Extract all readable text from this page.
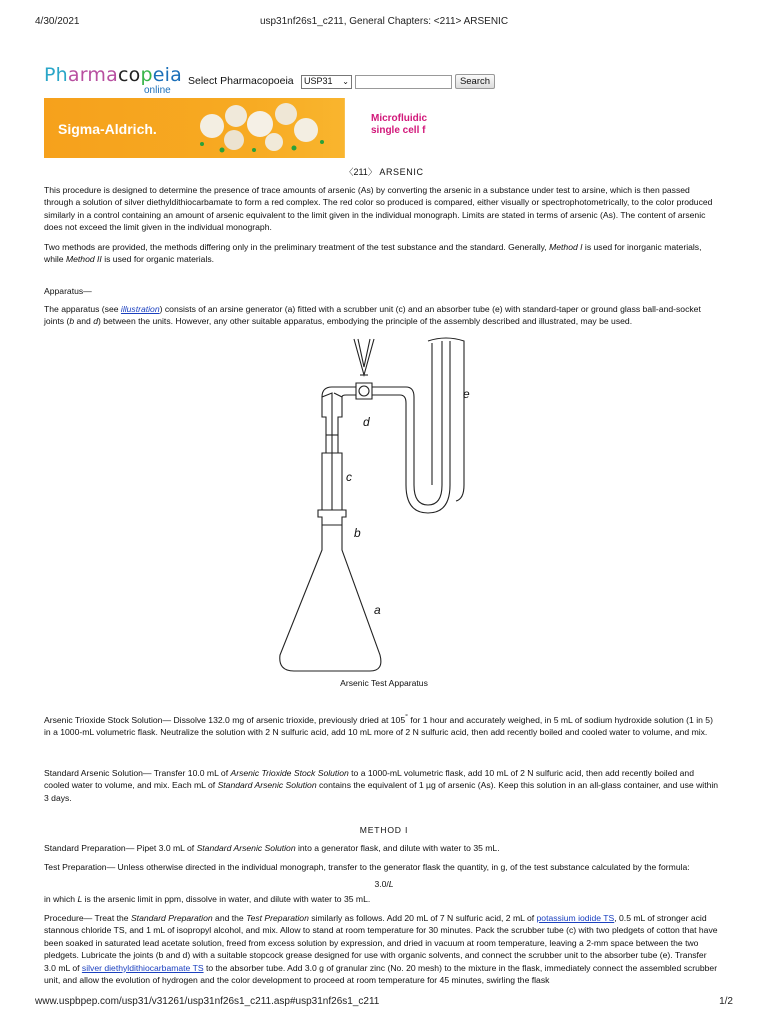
4/30/2021	usp31nf26s1_c211, General Chapters: <211> ARSENIC
Pharmacopeia
online
Select Pharmacopoeia USP31 ⌄	Search
Sigma-Aldrich.
Microfluidic
single cell f
〈211〉 ARSENIC

This procedure is designed to determine the presence of trace amounts of arsenic (As) by converting the arsenic in a substance under test to arsine, which is then passed through a solution of silver diethyldithiocarbamate to form a red complex. The red color so produced is compared, either visually or spectrophotometrically, to the color produced similarly in a control containing an amount of arsenic equivalent to the limit given in the individual monograph. Limits are stated in terms of arsenic (As). The content of arsenic does not exceed the limit given in the individual monograph.

Two methods are provided, the methods differing only in the preliminary treatment of the test substance and the standard. Generally, Method I is used for inorganic materials, while Method II is used for organic materials.

Apparatus—

The apparatus (see illustration) consists of an arsine generator (a) fitted with a scrubber unit (c) and an absorber tube (e) with standard-taper or ground glass ball-and-socket joints (b and d) between the units. However, any other suitable apparatus, embodying the principle of the assembly described and illustrated, may be used.

e
d
c
b
a
Arsenic Test Apparatus

Arsenic Trioxide Stock Solution— Dissolve 132.0 mg of arsenic trioxide, previously dried at 105° for 1 hour and accurately weighed, in 5 mL of sodium hydroxide solution (1 in 5) in a 1000-mL volumetric flask. Neutralize the solution with 2 N sulfuric acid, add 10 mL more of 2 N sulfuric acid, then add recently boiled and cooled water to volume, and mix.

Standard Arsenic Solution— Transfer 10.0 mL of Arsenic Trioxide Stock Solution to a 1000-mL volumetric flask, add 10 mL of 2 N sulfuric acid, then add recently boiled and cooled water to volume, and mix. Each mL of Standard Arsenic Solution contains the equivalent of 1 µg of arsenic (As). Keep this solution in an all-glass container, and use within 3 days.

METHOD I

Standard Preparation— Pipet 3.0 mL of Standard Arsenic Solution into a generator flask, and dilute with water to 35 mL.

Test Preparation— Unless otherwise directed in the individual monograph, transfer to the generator flask the quantity, in g, of the test substance calculated by the formula:

3.0/L

in which L is the arsenic limit in ppm, dissolve in water, and dilute with water to 35 mL.

Procedure— Treat the Standard Preparation and the Test Preparation similarly as follows. Add 20 mL of 7 N sulfuric acid, 2 mL of potassium iodide TS, 0.5 mL of stronger acid stannous chloride TS, and 1 mL of isopropyl alcohol, and mix. Allow to stand at room temperature for 30 minutes. Pack the scrubber tube (c) with two pledgets of cotton that have been soaked in saturated lead acetate solution, freed from excess solution by expression, and dried in vacuum at room temperature, leaving a 2-mm space between the two pledgets. Lubricate the joints (b and d) with a suitable stopcock grease designed for use with organic solvents, and connect the scrubber unit to the absorber tube (e). Transfer 3.0 mL of silver diethyldithiocarbamate TS to the absorber tube. Add 3.0 g of granular zinc (No. 20 mesh) to the mixture in the flask, immediately connect the assembled scrubber unit, and allow the evolution of hydrogen and the color development to proceed at room temperature for 45 minutes, swirling the flask

www.uspbpep.com/usp31/v31261/usp31nf26s1_c211.asp#usp31nf26s1_c211	1/2
